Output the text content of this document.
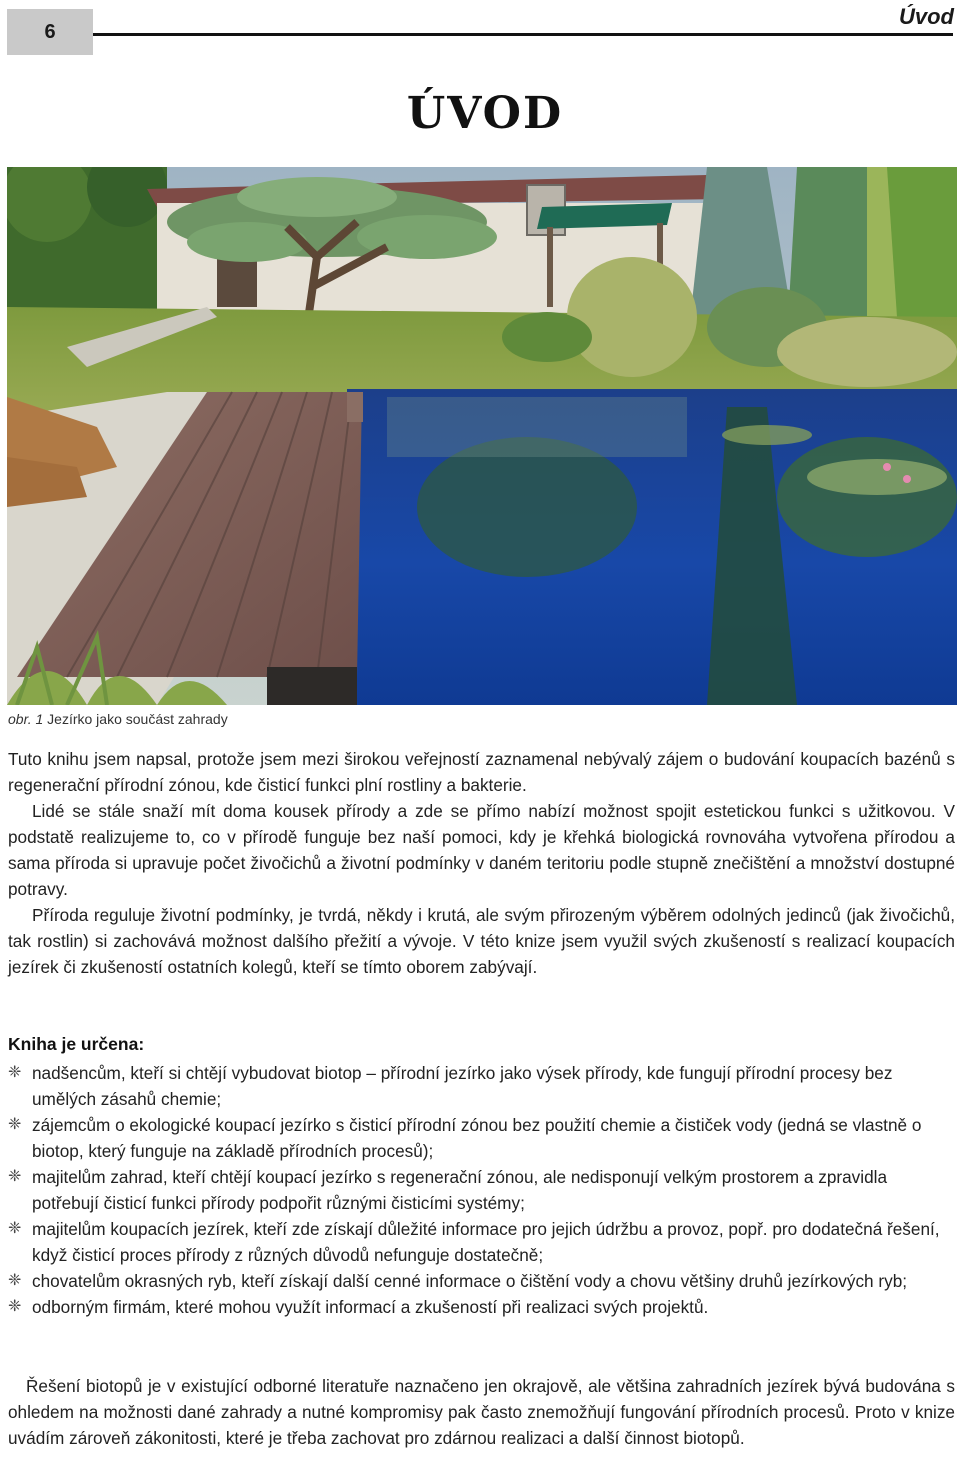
6
Úvod
ÚVOD
obr. 1 Jezírko jako součást zahrady

Tuto knihu jsem napsal, protože jsem mezi širokou veřejností zaznamenal nebývalý zájem o budování koupacích bazénů s regenerační přírodní zónou, kde čisticí funkci plní rostliny a bakterie.

Lidé se stále snaží mít doma kousek přírody a zde se přímo nabízí možnost spojit estetickou funkci s užitkovou. V podstatě realizujeme to, co v přírodě funguje bez naší pomoci, kdy je křehká biologická rovnováha vytvořena přírodou a sama příroda si upravuje počet živočichů a životní podmínky v daném teritoriu podle stupně znečištění a množství dostupné potravy.

Příroda reguluje životní podmínky, je tvrdá, někdy i krutá, ale svým přirozeným výběrem odolných jedinců (jak živočichů, tak rostlin) si zachovává možnost dalšího přežití a vývoje. V této knize jsem využil svých zkušeností s realizací koupacích jezírek či zkušeností ostatních kolegů, kteří se tímto oborem zabývají.

Kniha je určena:
❈ nadšencům, kteří si chtějí vybudovat biotop – přírodní jezírko jako výsek přírody, kde fungují přírodní procesy bez umělých zásahů chemie;
❈ zájemcům o ekologické koupací jezírko s čisticí přírodní zónou bez použití chemie a čističek vody (jedná se vlastně o biotop, který funguje na základě přírodních procesů);
❈ majitelům zahrad, kteří chtějí koupací jezírko s regenerační zónou, ale nedisponují velkým prostorem a zpravidla potřebují čisticí funkci přírody podpořit různými čisticími systémy;
❈ majitelům koupacích jezírek, kteří zde získají důležité informace pro jejich údržbu a provoz, popř. pro dodatečná řešení, když čisticí proces přírody z různých důvodů nefunguje dostatečně;
❈ chovatelům okrasných ryb, kteří získají další cenné informace o čištění vody a chovu většiny druhů jezírkových ryb;
❈ odborným firmám, které mohou využít informací a zkušeností při realizaci svých projektů.

Řešení biotopů je v existující odborné literatuře naznačeno jen okrajově, ale většina zahradních jezírek bývá budována s ohledem na možnosti dané zahrady a nutné kompromisy pak často znemožňují fungování přírodních procesů. Proto v knize uvádím zároveň zákonitosti, které je třeba zachovat pro zdárnou realizaci a další činnost biotopů.
